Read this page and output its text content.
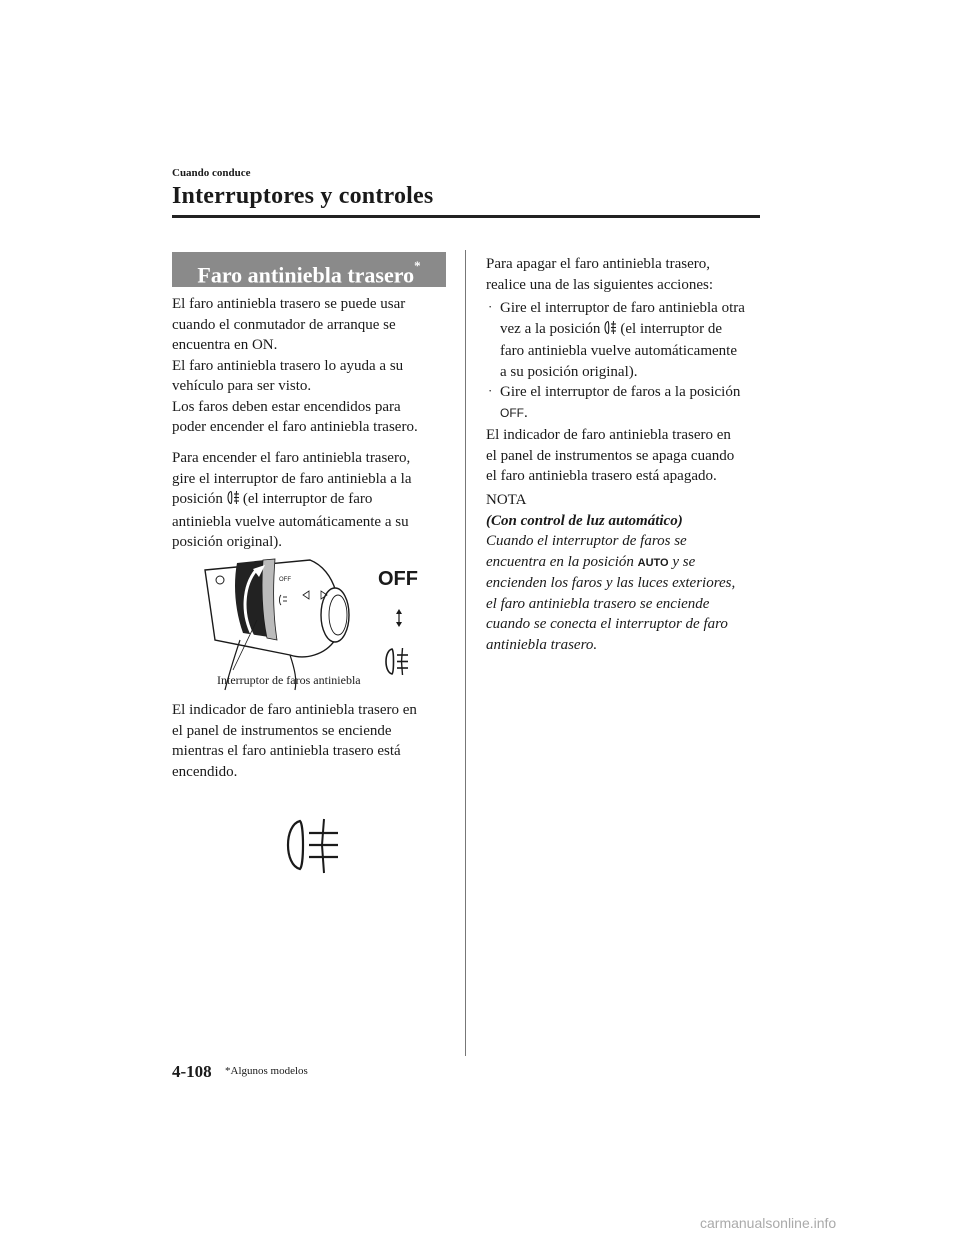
Cuando conduce
Interruptores y controles
Faro antiniebla trasero*
El faro antiniebla trasero se puede usar
cuando el conmutador de arranque se
encuentra en ON.
El faro antiniebla trasero lo ayuda a su
vehículo para ser visto.
Los faros deben estar encendidos para
poder encender el faro antiniebla trasero.
Para encender el faro antiniebla trasero,
gire el interruptor de faro antiniebla a la
posición (el interruptor de faro
antiniebla vuelve automáticamente a su
posición original).
OFF	OFF
Interruptor de faros antiniebla
El indicador de faro antiniebla trasero en
el panel de instrumentos se enciende
mientras el faro antiniebla trasero está
encendido.
Para apagar el faro antiniebla trasero,
realice una de las siguientes acciones:
· Gire el interruptor de faro antiniebla otra
vez a la posición (el interruptor de
faro antiniebla vuelve automáticamente
a su posición original).
· Gire el interruptor de faros a la posición
OFF.
El indicador de faro antiniebla trasero en
el panel de instrumentos se apaga cuando
el faro antiniebla trasero está apagado.
NOTA
(Con control de luz automático)
Cuando el interruptor de faros se
encuentra en la posición AUTO y se
encienden los faros y las luces exteriores,
el faro antiniebla trasero se enciende
cuando se conecta el interruptor de faro
antiniebla trasero.
4-108 *Algunos modelos
carmanualsonline.info
